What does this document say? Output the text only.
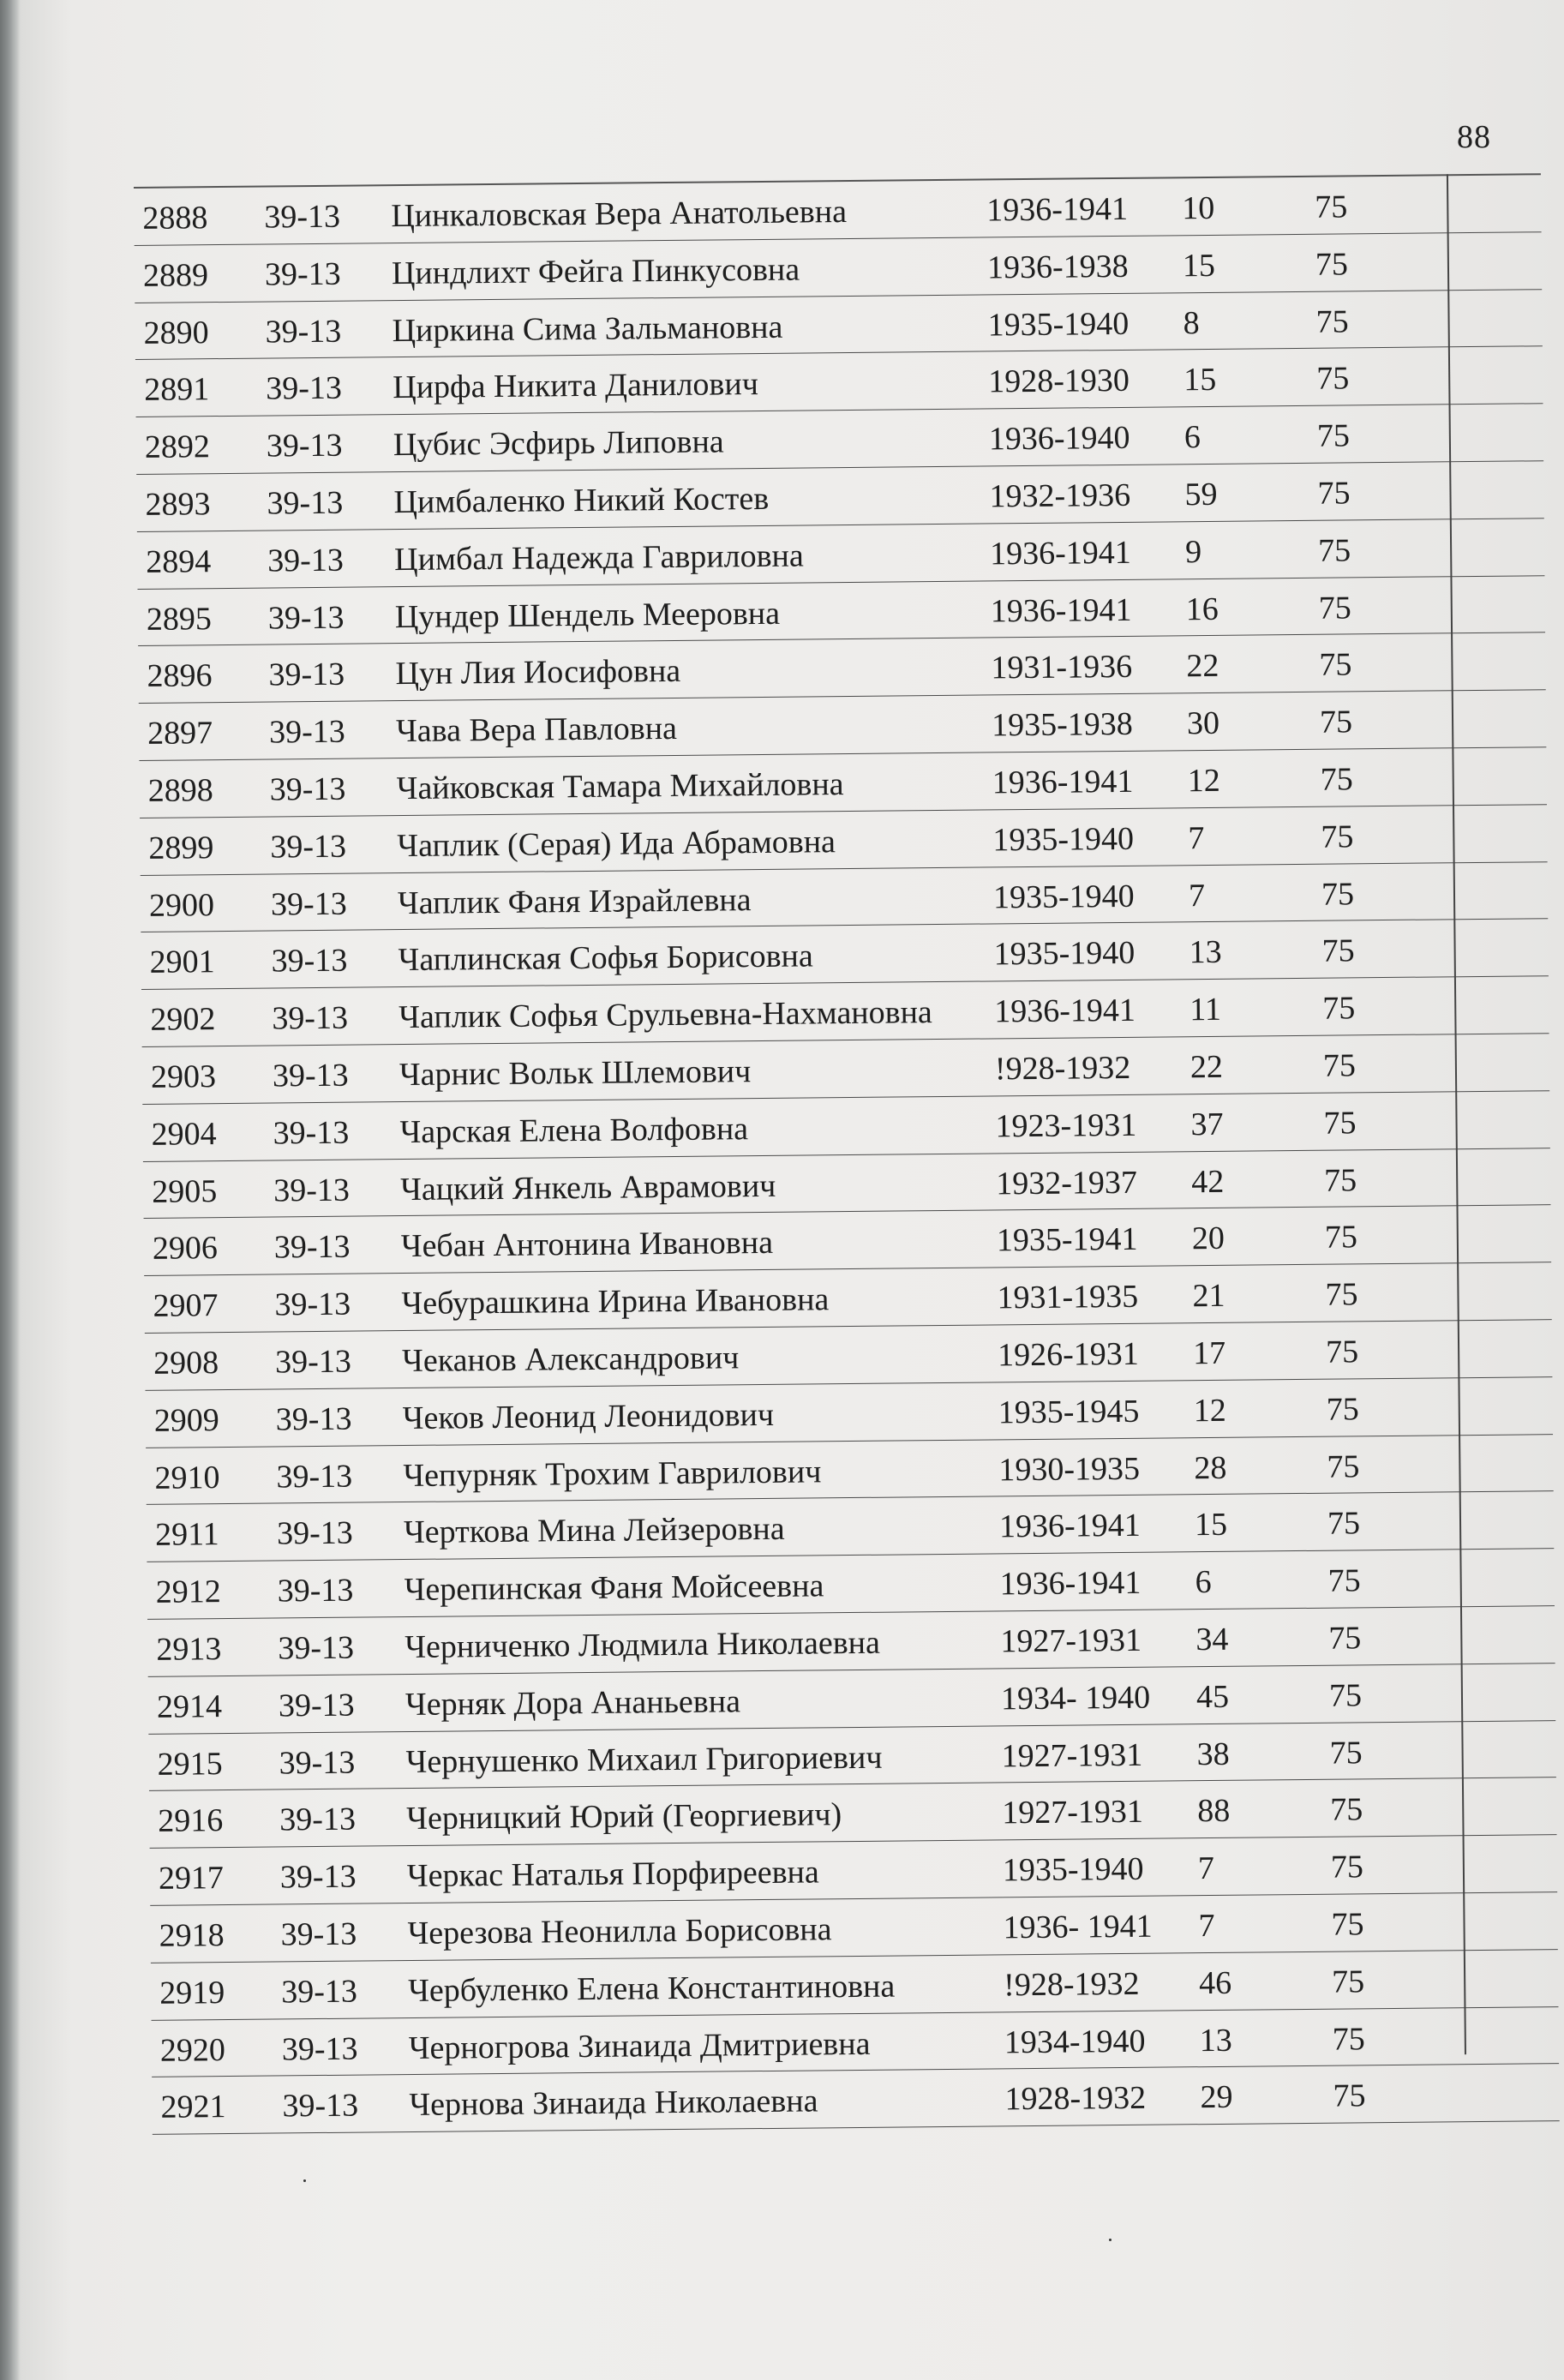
88
2888 39-13 Цинкаловская Вера Анатольевна	1936-1941 10	75
2889 39-13 Циндлихт Фейга Пинкусовна	1936-1938 15	75
2890 39-13 Циркина Сима Зальмановна	1935-1940 8	75
2891 39-13 Цирфа Никита Данилович	1928-1930 15	75
2892 39-13 Цубис Эсфирь Липовна	1936-1940 6	75
2893 39-13 Цимбаленко Никий Костев	1932-1936 59	75
2894 39-13 Цимбал Надежда Гавриловна	1936-1941 9	75
2895 39-13 Цундер Шендель Мееровна	1936-1941 16	75
2896 39-13 Цун Лия Иосифовна	1931-1936 22	75
2897 39-13 Чава Вера Павловна	1935-1938 30	75
2898 39-13 Чайковская Тамара Михайловна	1936-1941 12	75
2899 39-13 Чаплик (Серая) Ида Абрамовна	1935-1940 7	75
2900 39-13 Чаплик Фаня Израйлевна	1935-1940 7	75
2901 39-13 Чаплинская Софья Борисовна	1935-1940 13	75
2902 39-13 Чаплик Софья Срульевна-Нахмановна 1936-1941 11	75
2903 39-13 Чарнис Вольк Шлемович	!928-1932 22	75
2904 39-13 Чарская Елена Волфовна	1923-1931 37	75
2905 39-13 Чацкий Янкель Аврамович	1932-1937 42	75
2906 39-13 Чебан Антонина Ивановна	1935-1941 20	75
2907 39-13 Чебурашкина Ирина Ивановна	1931-1935 21	75
2908 39-13 Чеканов Александрович	1926-1931 17	75
2909 39-13 Чеков Леонид Леонидович	1935-1945 12	75
2910 39-13 Чепурняк Трохим Гаврилович	1930-1935 28	75
2911 39-13 Черткова Мина Лейзеровна	1936-1941 15	75
2912 39-13 Черепинская Фаня Мойсеевна	1936-1941 6	75
2913 39-13 Черниченко Людмила Николаевна	1927-1931 34	75
2914 39-13 Черняк Дора Ананьевна	1934- 1940 45	75
2915 39-13 Чернушенко Михаил Григориевич	1927-1931 38	75
2916 39-13 Черницкий Юрий (Георгиевич)	1927-1931 88	75
2917 39-13 Черкас Наталья Порфиреевна	1935-1940 7	75
2918 39-13 Черезова Неонилла Борисовна	1936- 1941 7	75
2919 39-13 Чербуленко Елена Константиновна	!928-1932 46	75
2920 39-13 Черногрова Зинаида Дмитриевна	1934-1940 13	75
2921 39-13 Чернова Зинаида Николаевна	1928-1932 29	75
